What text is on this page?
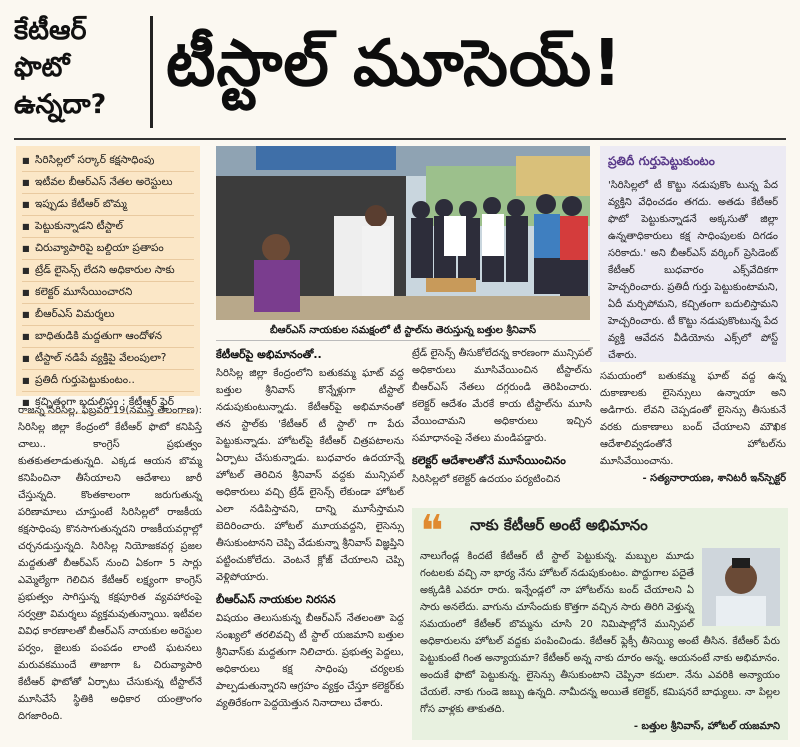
కేటీఆర్ ఫొటో ఉన్నదా?
టీస్టాల్ మూసెయ్!
■ సిరిసిల్లలో సర్కార్ కక్షసాధింపు
■ ఇటీవల బీఆర్ఎస్ నేతల అరెస్టులు
■ ఇప్పుడు కేటీఆర్ బొమ్మ
■ పెట్టుకున్నాడని టీస్టాల్
■ చిరువ్యాపారిపై బల్దియా ప్రతాపం
■ ట్రేడ్ లైసెన్స్ లేదని అధికారుల సాకు
■ కలెక్టర్ మూసేయించారని
■ బీఆర్ఎస్ విమర్శలు
■ బాధితుడికి మద్దతుగా ఆందోళన
■ టీస్టాల్ నడిపే వ్యక్తిపై వేలంపులా?
■ ప్రతిదీ గుర్తుపెట్టుకుంటం..
■ కచ్చితంగా బదులిస్తం : కేటీఆర్ ఫైర్
బీఆర్ఎస్ నాయకుల సమక్షంలో టీ స్టాల్‌ను తెరుస్తున్న బత్తుల శ్రీనివాస్
ప్రతిదీ గుర్తుపెట్టుకుంటం
'సిరిసిల్లలో టీ కొట్టు నడుపుకొం టున్న పేద వ్యక్తిని వేధించడం తగదు. అతడు కేటీఆర్ ఫొటో పెట్టుకున్నాడనే అక్కసుతో జిల్లా ఉన్నతాధికారులు కక్ష సాధింపులకు దిగడం సరికాదు.' అని బీఆర్ఎస్ వర్కింగ్ ప్రెసిడెంట్ కేటీఆర్ బుధవారం ఎక్స్‌వేదికగా హెచ్చరించారు. ప్రతిదీ గుర్తు పెట్టుకుంటామని, ఏదీ మర్చిపోమని, కచ్చితంగా బదులిస్తామని హెచ్చరించారు. టీ కొట్టు నడుపుకొంటున్న పేద వ్యక్తి ఆవేదన వీడియోను ఎక్స్‌లో పోస్ట్ చేశారు.
రాజన్న సిరిసిల్ల, ఫిబ్రవరి 19(నమస్తే తెలంగాణ): సిరిసిల్ల జిల్లా కేంద్రంలో కేటీఆర్ ఫొటో కనిపిస్తే చాలు.. కాంగ్రెస్ ప్రభుత్వం కుతకుతలాడుతున్నది. ఎక్కడ ఆయన బొమ్మ కనిపించినా తీసేయాలని ఆదేశాలు జారీ చేస్తున్నది. కొంతకాలంగా జరుగుతున్న పరిణామాలు చూస్తుంటే సిరిసిల్లలో రాజకీయ కక్షసాధింపు కొనసాగుతున్నదని రాజకీయవర్గాల్లో చర్చనడుస్తున్నది. సిరిసిల్ల నియోజకవర్గ ప్రజల మద్దతుతో బీఆర్ఎస్ నుంచి ఏకంగా 5 సార్లు ఎమ్మెల్యేగా గెలిచిన కేటీఆర్ లక్ష్యంగా కాంగ్రెస్ ప్రభుత్వం సాగిస్తున్న కక్షపూరిత వ్యవహారంపై సర్వత్రా విమర్శలు వ్యక్తమవుతున్నాయి. ఇటీవల వివిధ కారణాలతో బీఆర్ఎస్ నాయకుల అరెస్టుల పర్వం, జైలుకు పంపడం లాంటి ఘటనలు మరువకముందే తాజాగా ఓ చిరువ్యాపారి కేటీఆర్ ఫొటోతో ఏర్పాటు చేసుకున్న టీస్టాల్‌నే మూసివేసే స్థితికి అధికార యంత్రాంగం దిగజారింది.
కేటీఆర్‌పై అభిమానంతో..
సిరిసిల్ల జిల్లా కేంద్రంలోని బతుకమ్మ ఘాట్ వద్ద బత్తుల శ్రీనివాస్ కొన్నేళ్లుగా టీస్టాల్ నడుపుకుంటున్నాడు. కేటీఆర్‌పై అభిమానంతో తన స్టాల్‌కు 'కేటీఆర్ టీ స్టాల్' గా పేరు పెట్టుకున్నాడు. హోటల్‌పై కేటీఆర్ చిత్రపటాలను ఏర్పాటు చేసుకున్నాడు. బుధవారం ఉదయాన్నే హోటల్ తెరిచిన శ్రీనివాస్ వద్దకు మున్సిపల్ అధికారులు వచ్చి ట్రేడ్ లైసెన్స్ లేకుండా హోటల్ ఎలా నడిపిస్తావని, దాన్ని మూసేస్తామని బెదిరించారు. హోటల్ మూయవద్దని, లైసెన్సు తీసుకుంటానని చెప్పి వేడుకున్నా శ్రీనివాస్ విజ్ఞప్తిని పట్టించుకోలేదు. వెంటనే క్లోజ్ చేయాలని చెప్పి వెళ్లిపోయారు.
బీఆర్ఎస్ నాయకుల నిరసన
విషయం తెలుసుకున్న బీఆర్ఎస్ నేతలంతా పెద్ద సంఖ్యలో తరలివచ్చి టీ స్టాల్ యజమాని బత్తుల శ్రీనివాస్‌కు మద్దతుగా నిలిచారు. ప్రభుత్వ పెద్దలు, అధికారులు కక్ష సాధింపు చర్యలకు పాల్పడుతున్నారని ఆగ్రహం వ్యక్తం చేస్తూ కలెక్టర్‌కు వ్యతిరేకంగా పెద్దయెత్తున నినాదాలు చేశారు.
ట్రేడ్ లైసెన్స్ తీసుకోలేదన్న కారణంగా మున్సిపల్ అధికారులు మూసివేయించిన టీస్టాల్‌ను బీఆర్ఎస్ నేతలు దగ్గరుండి తెరిపించారు. కలెక్టర్ ఆదేశం మేరకే కాయ టీస్టాల్‌ను మూసి వేయించామని అధికారులు ఇచ్చిన సమాధానంపై నేతలు మండిపడ్డారు.
కలెక్టర్ ఆదేశాలతోనే మూసేయించినం
సిరిసిల్లలో కలెక్టర్ ఉదయం పర్యటించిన
సమయంలో బతుకమ్మ ఘాట్ వద్ద ఉన్న దుకాణాలకు లైసెన్సులు ఉన్నాయా అని అడిగారు. లేవని చెప్పడంతో లైసెన్సు తీసుకునే వరకు దుకాణాలు బంద్ చేయాలని మౌఖిక ఆదేశాలివ్వడంతోనే హోటల్‌ను మూసివేయించాను.
- సత్యనారాయణ, శానిటరీ ఇన్‌స్పెక్టర్
❝ నాకు కేటీఆర్ అంటే అభిమానం
నాలుగేండ్ల కిందటే కేటీఆర్ టీ స్టాల్ పెట్టుకున్న. మబ్బుల మూడు గంటలకు వచ్చి నా భార్య నేను హోటల్ నడుపుకుంటం. పొద్దుగాల పదైతే అక్కడికి ఎవరూ రారు. ఇన్నేండ్లలో నా హోటల్‌ను బంద్ చేయాలని ఏ సారు అనలేదు. వాగును చూసేందుకు కొత్తగా వచ్చిన సారు తిరిగి వెళ్తున్న సమయంలో కేటీఆర్ బొమ్మను చూసి 20 నిమిషాల్లోనే మున్సిపల్ అధికారులను హోటల్ వద్దకు పంపించిండు. కేటీఆర్ ఫ్లెక్సీ తీసెయ్యి అంటే తీసిన. కేటీఆర్ పేరు పెట్టుకుంటే గింత అన్యాయమా? కేటీఆర్ అన్న నాకు దూరం అన్న. ఆయనంటే నాకు అభిమానం. అందుకే ఫొటో పెట్టుకున్న. లైసెన్సు తీసుకుంటాని చెప్పినా కదులా. నేను ఎవరికి అన్యాయం చేయలే. నాకు గుండె జబ్బు ఉన్నది. నామీదన్న అయితే కలెక్టర్, కమిషనరే బాధ్యులు. నా పిల్లల గోస వాళ్లకు తాకుతది.
- బత్తుల శ్రీనివాస్, హోటల్ యజమాని
